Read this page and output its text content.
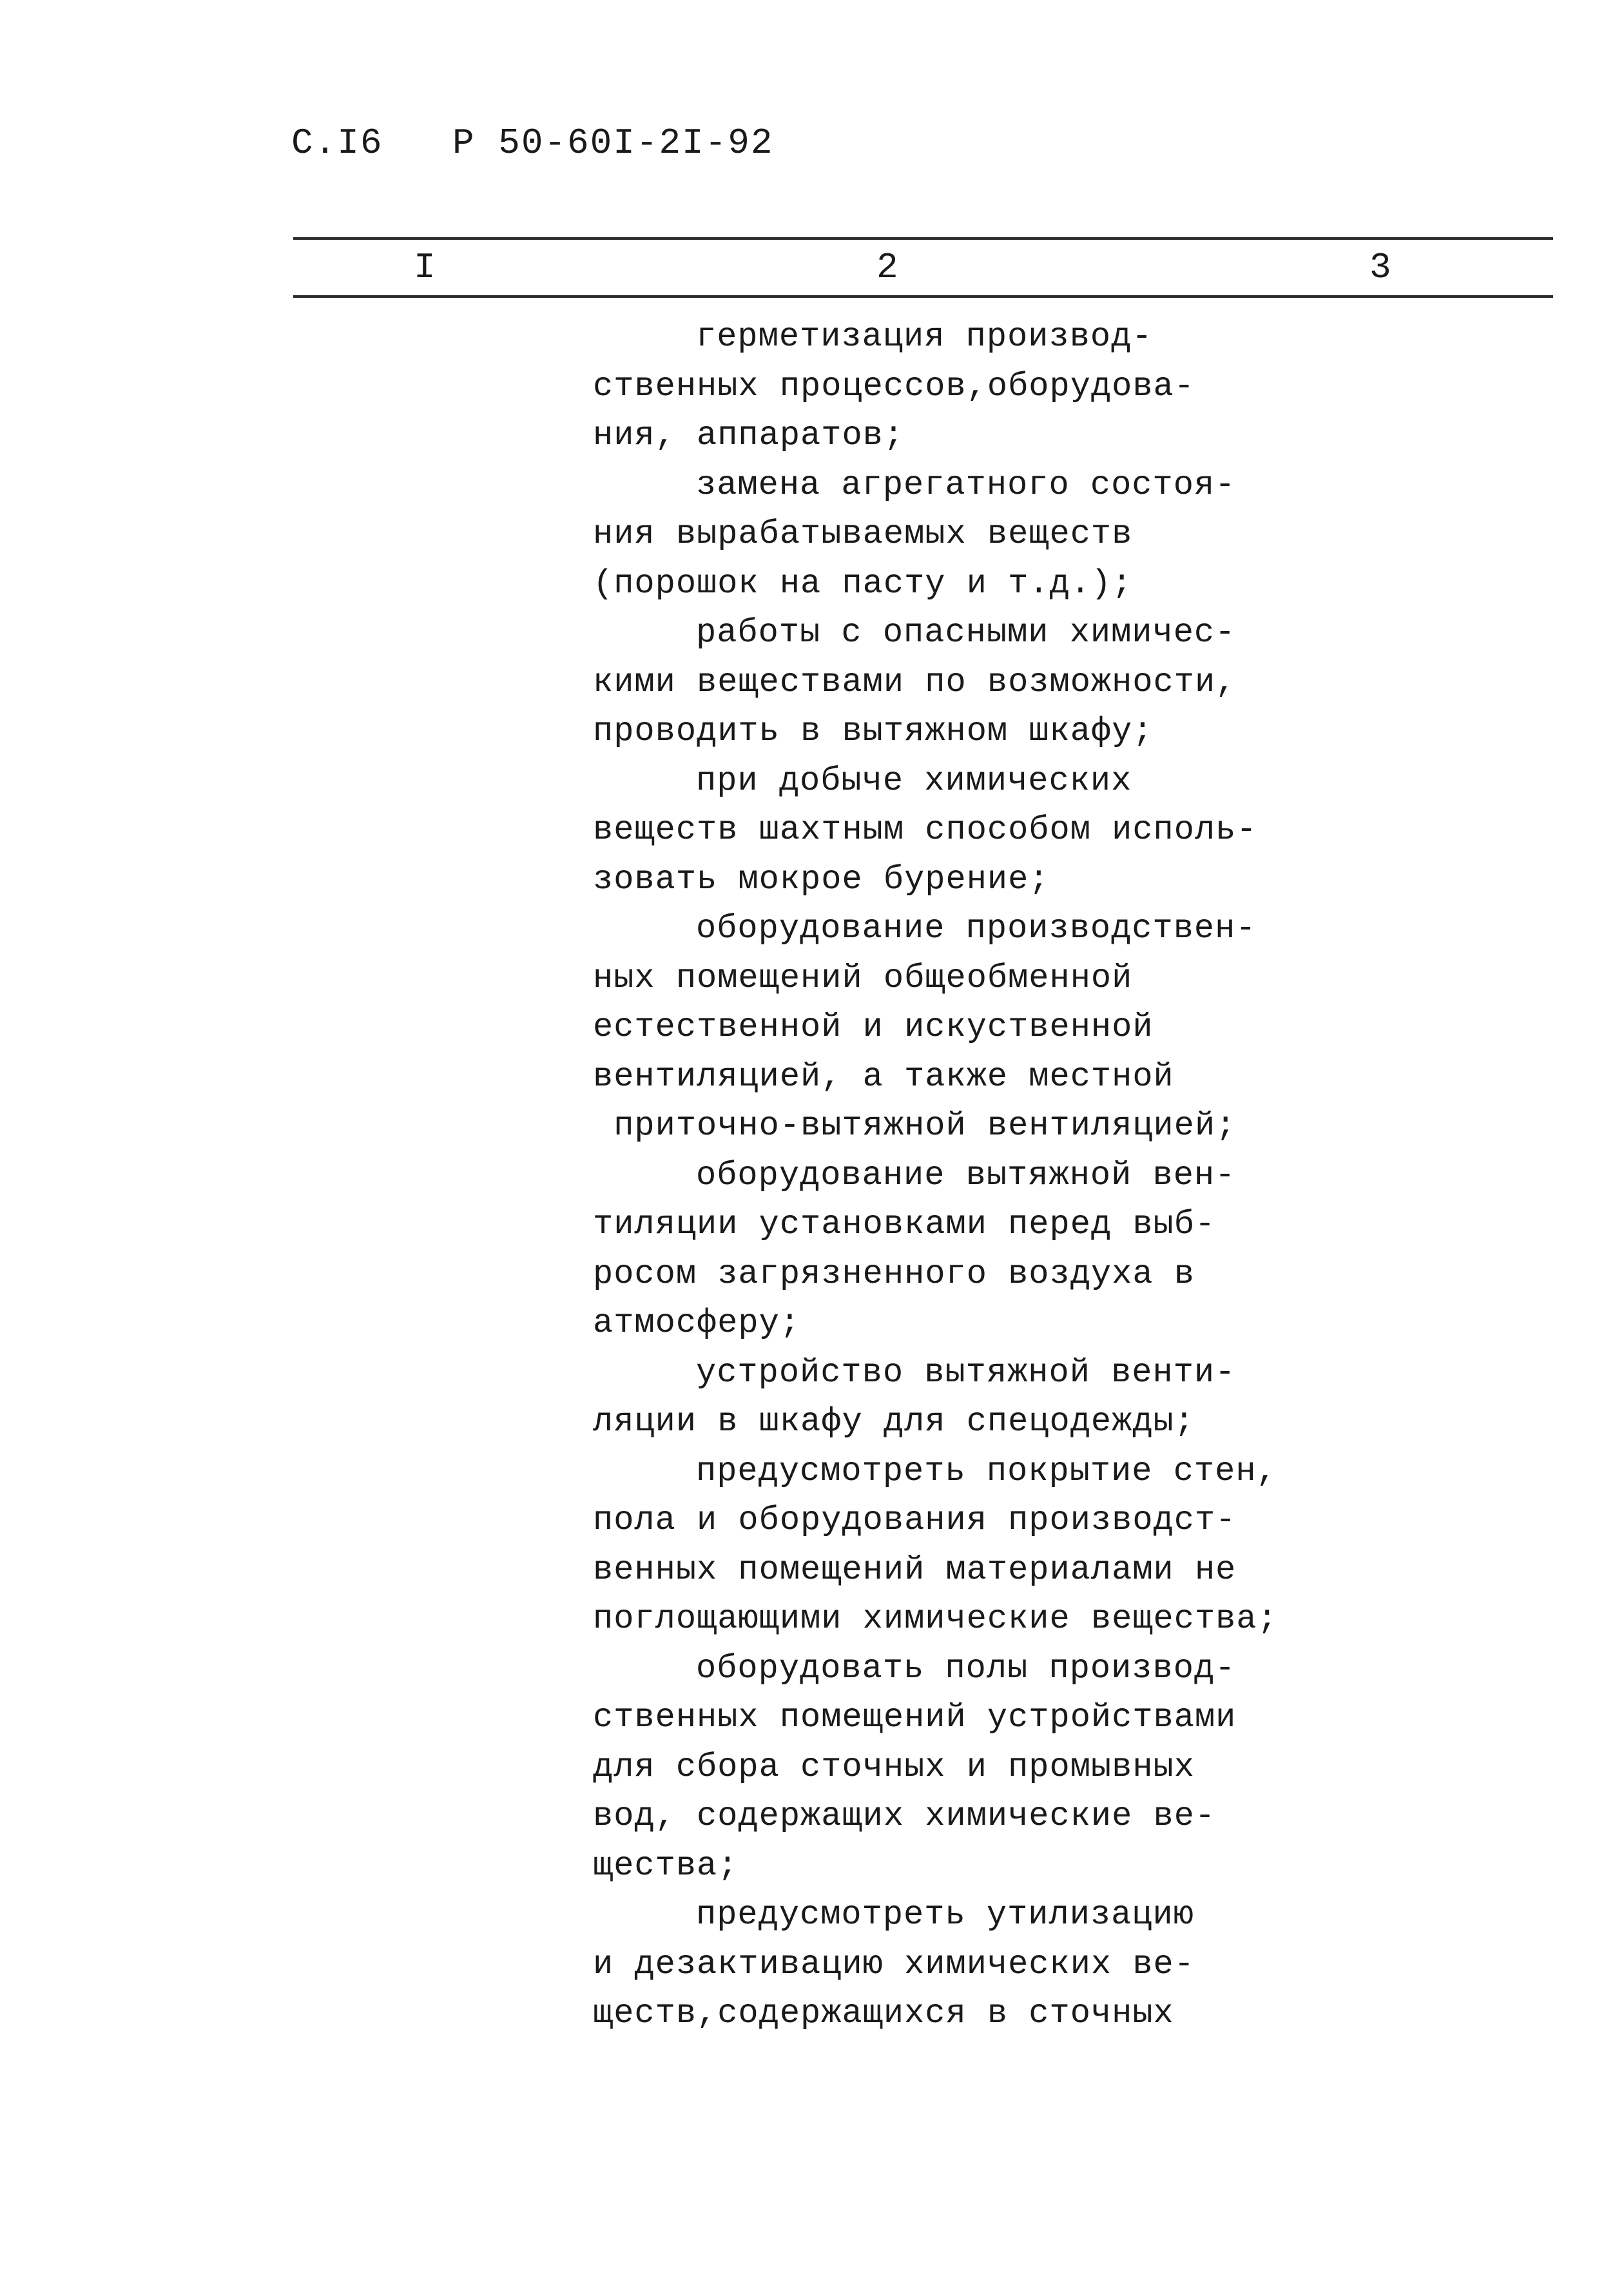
С.I6 Р 50-60I-2I-92
I	2	3
герметизация производ-
ственных процессов,оборудова-
ния, аппаратов;
замена агрегатного состоя-
ния вырабатываемых веществ
(порошок на пасту и т.д.);
работы с опасными химичес-
кими веществами по возможности,
проводить в вытяжном шкафу;
при добыче химических
веществ шахтным способом исполь-
зовать мокрое бурение;
оборудование производствен-
ных помещений общеобменной
естественной и искуственной
вентиляцией, а также местной
приточно-вытяжной вентиляцией;
оборудование вытяжной вен-
тиляции установками перед выб-
росом загрязненного воздуха в
атмосферу;
устройство вытяжной венти-
ляции в шкафу для спецодежды;
предусмотреть покрытие стен,
пола и оборудования производст-
венных помещений материалами не
поглощающими химические вещества;
оборудовать полы производ-
ственных помещений устройствами
для сбора сточных и промывных
вод, содержащих химические ве-
щества;
предусмотреть утилизацию
и дезактивацию химических ве-
ществ,содержащихся в сточных
